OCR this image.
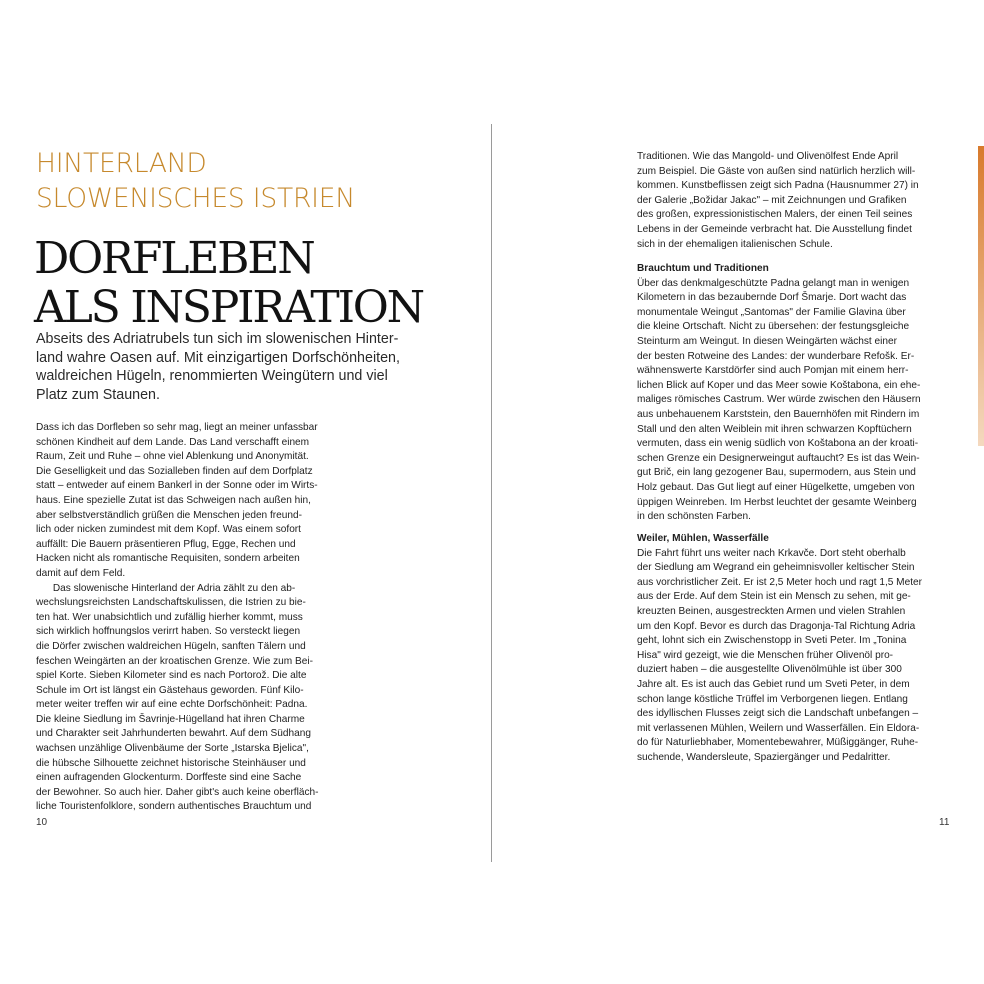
HINTERLAND
SLOWENISCHES ISTRIEN
DORFLEBEN
ALS INSPIRATION
Abseits des Adriatrubels tun sich im slowenischen Hinter-
land wahre Oasen auf. Mit einzigartigen Dorfschönheiten,
waldreichen Hügeln, renommierten Weingütern und viel
Platz zum Staunen.
Dass ich das Dorfleben so sehr mag, liegt an meiner unfassbar
schönen Kindheit auf dem Lande. Das Land verschafft einem
Raum, Zeit und Ruhe – ohne viel Ablenkung und Anonymität.
Die Geselligkeit und das Sozialleben finden auf dem Dorfplatz
statt – entweder auf einem Bankerl in der Sonne oder im Wirts-
haus. Eine spezielle Zutat ist das Schweigen nach außen hin,
aber selbstverständlich grüßen die Menschen jeden freund-
lich oder nicken zumindest mit dem Kopf. Was einem sofort
auffällt: Die Bauern präsentieren Pflug, Egge, Rechen und
Hacken nicht als romantische Requisiten, sondern arbeiten
damit auf dem Feld.
Das slowenische Hinterland der Adria zählt zu den ab-
wechslungsreichsten Landschaftskulissen, die Istrien zu bie-
ten hat. Wer unabsichtlich und zufällig hierher kommt, muss
sich wirklich hoffnungslos verirrt haben. So versteckt liegen
die Dörfer zwischen waldreichen Hügeln, sanften Tälern und
feschen Weingärten an der kroatischen Grenze. Wie zum Bei-
spiel Korte. Sieben Kilometer sind es nach Portorož. Die alte
Schule im Ort ist längst ein Gästehaus geworden. Fünf Kilo-
meter weiter treffen wir auf eine echte Dorfschönheit: Padna.
Die kleine Siedlung im Šavrinje-Hügelland hat ihren Charme
und Charakter seit Jahrhunderten bewahrt. Auf dem Südhang
wachsen unzählige Olivenbäume der Sorte „Istarska Bjelica",
die hübsche Silhouette zeichnet historische Steinhäuser und
einen aufragenden Glockenturm. Dorffeste sind eine Sache
der Bewohner. So auch hier. Daher gibt's auch keine oberfläch-
liche Touristenfolklore, sondern authentisches Brauchtum und
Traditionen. Wie das Mangold- und Olivenölfest Ende April
zum Beispiel. Die Gäste von außen sind natürlich herzlich will-
kommen. Kunstbeflissen zeigt sich Padna (Hausnummer 27) in
der Galerie „Božidar Jakac" – mit Zeichnungen und Grafiken
des großen, expressionistischen Malers, der einen Teil seines
Lebens in der Gemeinde verbracht hat. Die Ausstellung findet
sich in der ehemaligen italienischen Schule.
Brauchtum und Traditionen
Über das denkmalgeschützte Padna gelangt man in wenigen
Kilometern in das bezaubernde Dorf Šmarje. Dort wacht das
monumentale Weingut „Santomas" der Familie Glavina über
die kleine Ortschaft. Nicht zu übersehen: der festungsgleiche
Steinturm am Weingut. In diesen Weingärten wächst einer
der besten Rotweine des Landes: der wunderbare Refošk. Er-
wähnenswerte Karstdörfer sind auch Pomjan mit einem herr-
lichen Blick auf Koper und das Meer sowie Koštabona, ein ehe-
maliges römisches Castrum. Wer würde zwischen den Häusern
aus unbehauenem Karststein, den Bauernhöfen mit Rindern im
Stall und den alten Weiblein mit ihren schwarzen Kopftüchern
vermuten, dass ein wenig südlich von Koštabona an der kroati-
schen Grenze ein Designerweingut auftaucht? Es ist das Wein-
gut Brič, ein lang gezogener Bau, supermodern, aus Stein und
Holz gebaut. Das Gut liegt auf einer Hügelkette, umgeben von
üppigen Weinreben. Im Herbst leuchtet der gesamte Weinberg
in den schönsten Farben.
Weiler, Mühlen, Wasserfälle
Die Fahrt führt uns weiter nach Krkavče. Dort steht oberhalb
der Siedlung am Wegrand ein geheimnisvoller keltischer Stein
aus vorchristlicher Zeit. Er ist 2,5 Meter hoch und ragt 1,5 Meter
aus der Erde. Auf dem Stein ist ein Mensch zu sehen, mit ge-
kreuzten Beinen, ausgestreckten Armen und vielen Strahlen
um den Kopf. Bevor es durch das Dragonja-Tal Richtung Adria
geht, lohnt sich ein Zwischenstopp in Sveti Peter. Im „Tonina
Hisa" wird gezeigt, wie die Menschen früher Olivenöl pro-
duziert haben – die ausgestellte Olivenölmühle ist über 300
Jahre alt. Es ist auch das Gebiet rund um Sveti Peter, in dem
schon lange köstliche Trüffel im Verborgenen liegen. Entlang
des idyllischen Flusses zeigt sich die Landschaft unbefangen –
mit verlassenen Mühlen, Weilern und Wasserfällen. Ein Eldora-
do für Naturliebhaber, Momentebewahrer, Müßiggänger, Ruhe-
suchende, Wandersleute, Spaziergänger und Pedalritter.
10	11
